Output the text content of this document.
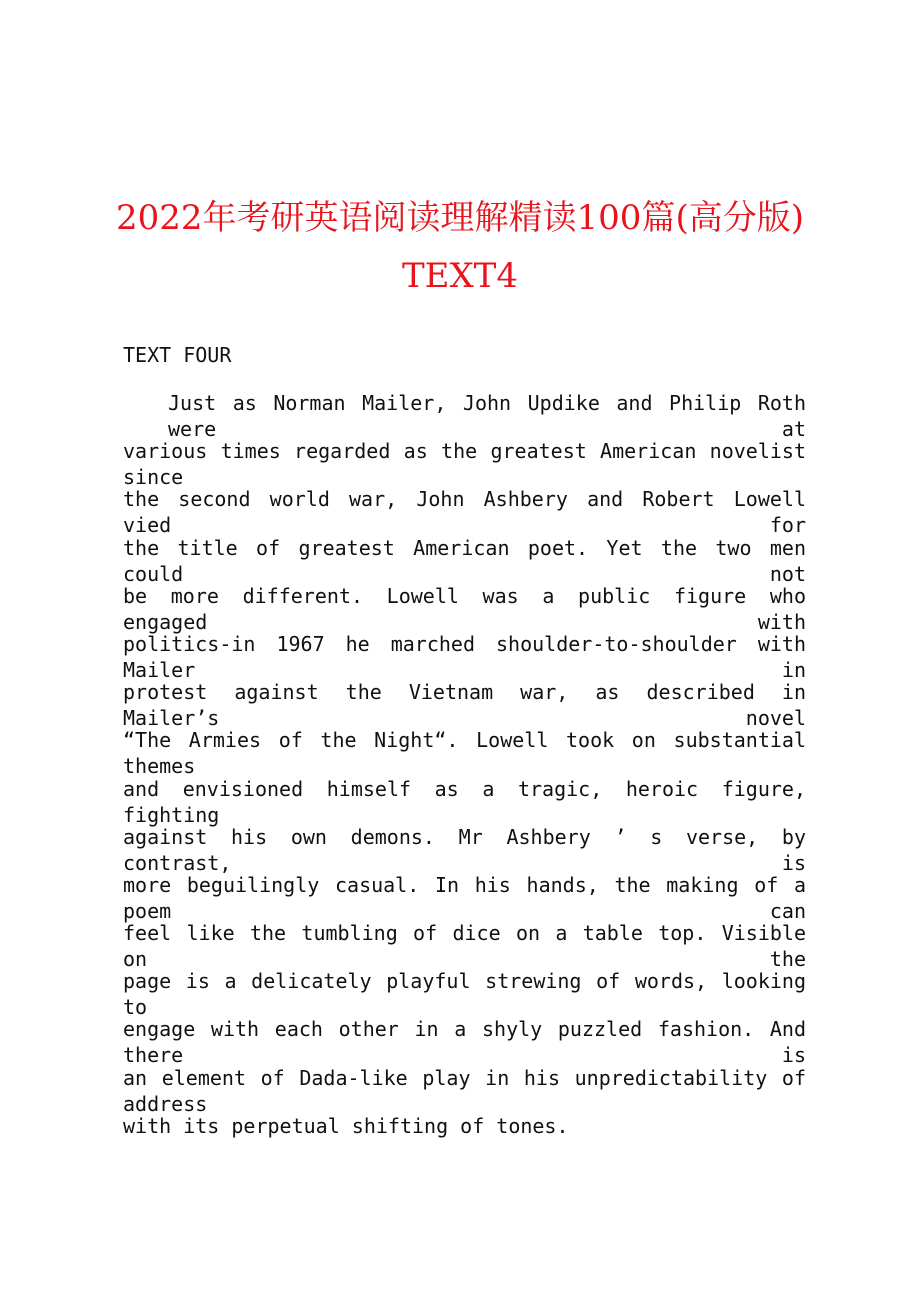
2022年考研英语阅读理解精读100篇(高分版)
TEXT4

TEXT FOUR

Just as Norman Mailer, John Updike and Philip Roth were at
various times regarded as the greatest American novelist since
the second world war, John Ashbery and Robert Lowell vied for
the title of greatest American poet. Yet the two men could not
be more different. Lowell was a public figure who engaged with
politics-in 1967 he marched shoulder-to-shoulder with Mailer in
protest against the Vietnam war, as described in Mailer’s novel
“The Armies of the Night“. Lowell took on substantial themes
and envisioned himself as a tragic, heroic figure, fighting
against his own demons. Mr Ashbery ’ s verse, by contrast, is
more beguilingly casual. In his hands, the making of a poem can
feel like the tumbling of dice on a table top. Visible on the
page is a delicately playful strewing of words, looking to
engage with each other in a shyly puzzled fashion. And there is
an element of Dada-like play in his unpredictability of address
with its perpetual shifting of tones.
